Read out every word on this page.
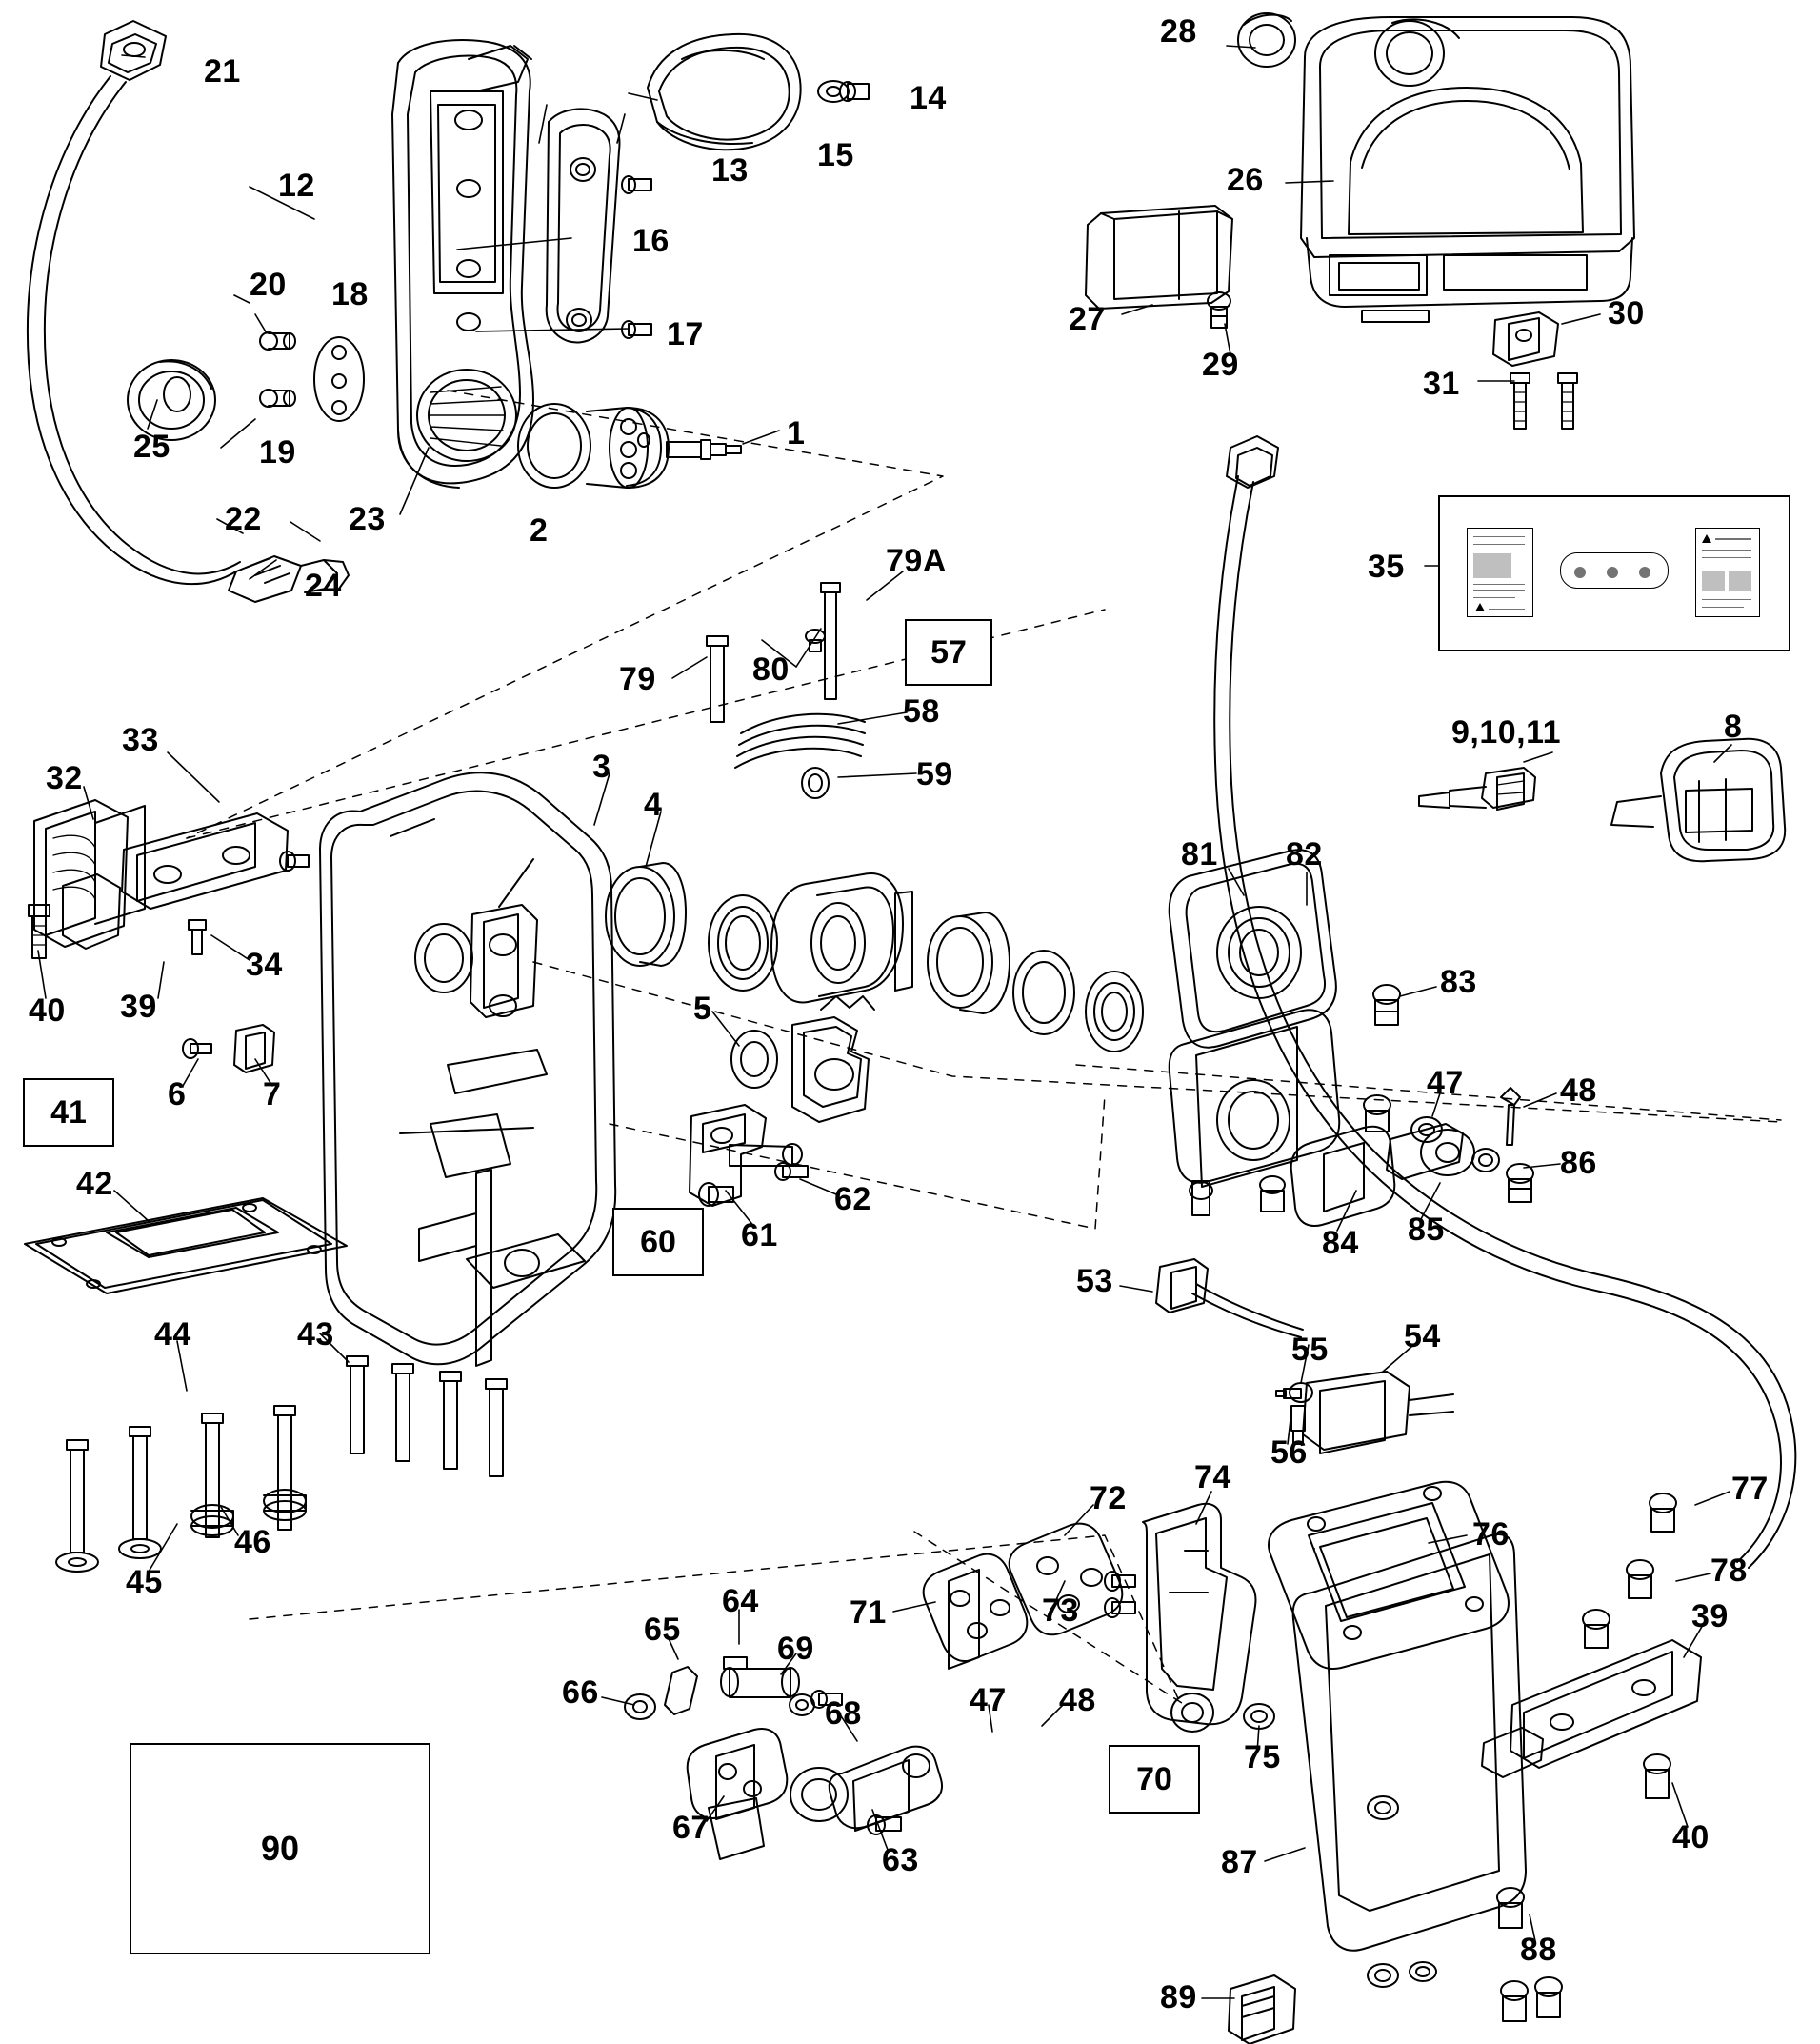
21
12	13 15
14
16
17
20 18
19
25
22	23
24
2
1
28
26
27
29
30
31
35
9,10,11	8
79	80
79A
58
59
33
32	3
4
34
39
40
6 7
42
5
61
62
81 82
83
47	48
86
84 85
43
44
46
45
53
55 54
56
72
74
76
77
78
71	73
65
64
69
66
68	47 48
75
39
40
67
63	87
88
89
57
41
60
70
90
